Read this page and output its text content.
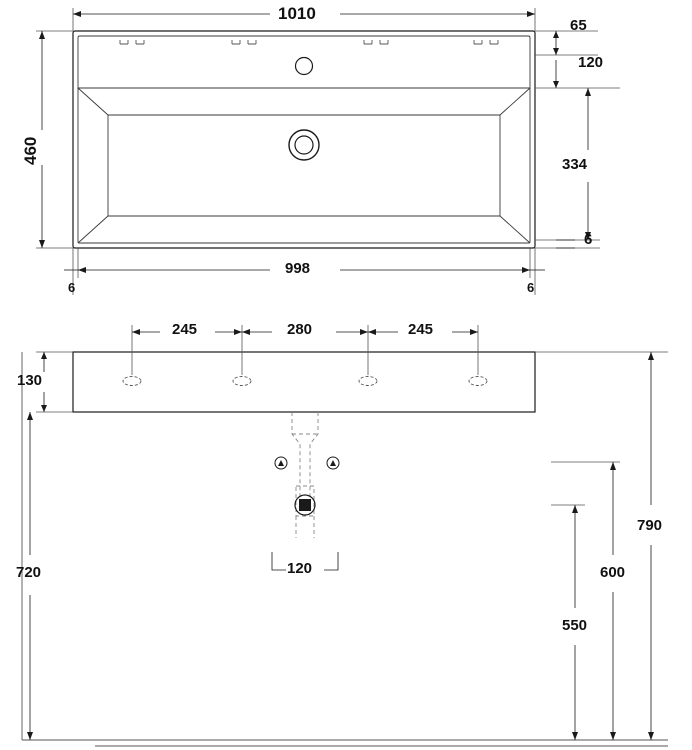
1010
460
998
6	6
65
120
334
6
245	280	245
130
720	120
790
600
550
